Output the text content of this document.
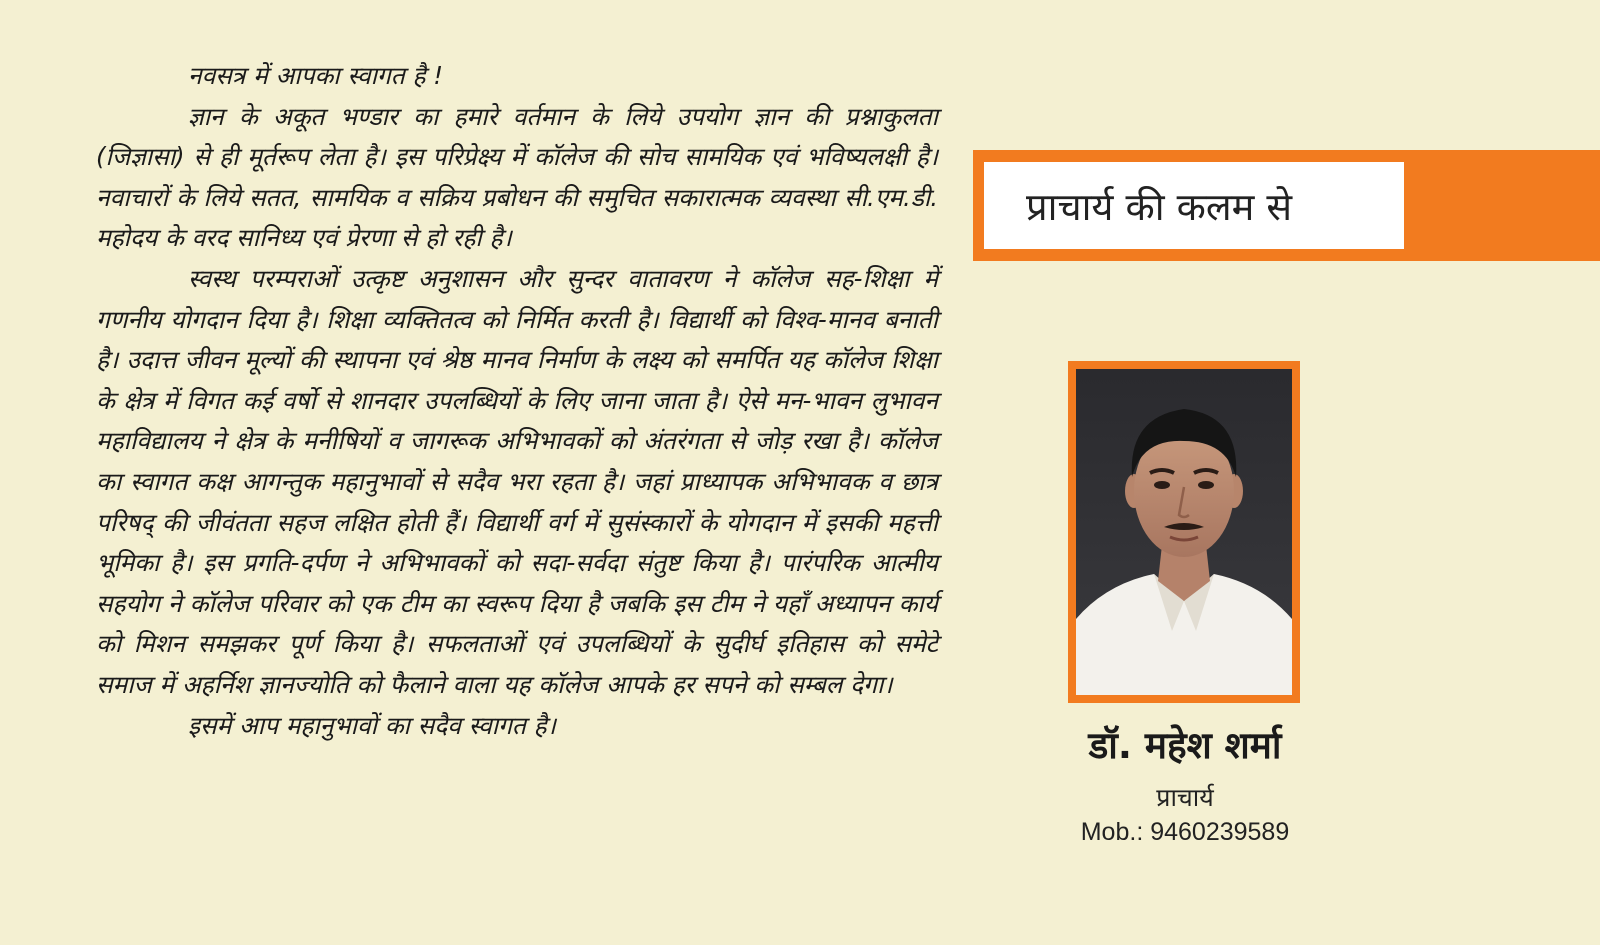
नवसत्र में आपका स्वागत है !

ज्ञान के अकूत भण्डार का हमारे वर्तमान के लिये उपयोग ज्ञान की प्रश्नाकुलता (जिज्ञासा) से ही मूर्तरूप लेता है। इस परिप्रेक्ष्य में कॉलेज की सोच सामयिक एवं भविष्यलक्षी है। नवाचारों के लिये सतत, सामयिक व सक्रिय प्रबोधन की समुचित सकारात्मक व्यवस्था सी.एम.डी. महोदय के वरद सानिध्य एवं प्रेरणा से हो रही है।

स्वस्थ परम्पराओं उत्कृष्ट अनुशासन और सुन्दर वातावरण ने कॉलेज सह-शिक्षा में गणनीय योगदान दिया है। शिक्षा व्यक्तितत्व को निर्मित करती है। विद्यार्थी को विश्व-मानव बनाती है। उदात्त जीवन मूल्यों की स्थापना एवं श्रेष्ठ मानव निर्माण के लक्ष्य को समर्पित यह कॉलेज शिक्षा के क्षेत्र में विगत कई वर्षो से शानदार उपलब्धियों के लिए जाना जाता है। ऐसे मन-भावन लुभावन महाविद्यालय ने क्षेत्र के मनीषियों व जागरूक अभिभावकों को अंतरंगता से जोड़ रखा है। कॉलेज का स्वागत कक्ष आगन्तुक महानुभावों से सदैव भरा रहता है। जहां प्राध्यापक अभिभावक व छात्र परिषद् की जीवंतता सहज लक्षित होती हैं। विद्यार्थी वर्ग में सुसंस्कारों के योगदान में इसकी महत्ती भूमिका है। इस प्रगति-दर्पण ने अभिभावकों को सदा-सर्वदा संतुष्ट किया है। पारंपरिक आत्मीय सहयोग ने कॉलेज परिवार को एक टीम का स्वरूप दिया है जबकि इस टीम ने यहाँ अध्यापन कार्य को मिशन समझकर पूर्ण किया है। सफलताओं एवं उपलब्धियों के सुदीर्घ इतिहास को समेटे समाज में अहर्निश ज्ञानज्योति को फैलाने वाला यह कॉलेज आपके हर सपने को सम्बल देगा।

इसमें आप महानुभावों का सदैव स्वागत है।

प्राचार्य की कलम से
डॉ. महेश शर्मा
प्राचार्य
Mob.: 9460239589
